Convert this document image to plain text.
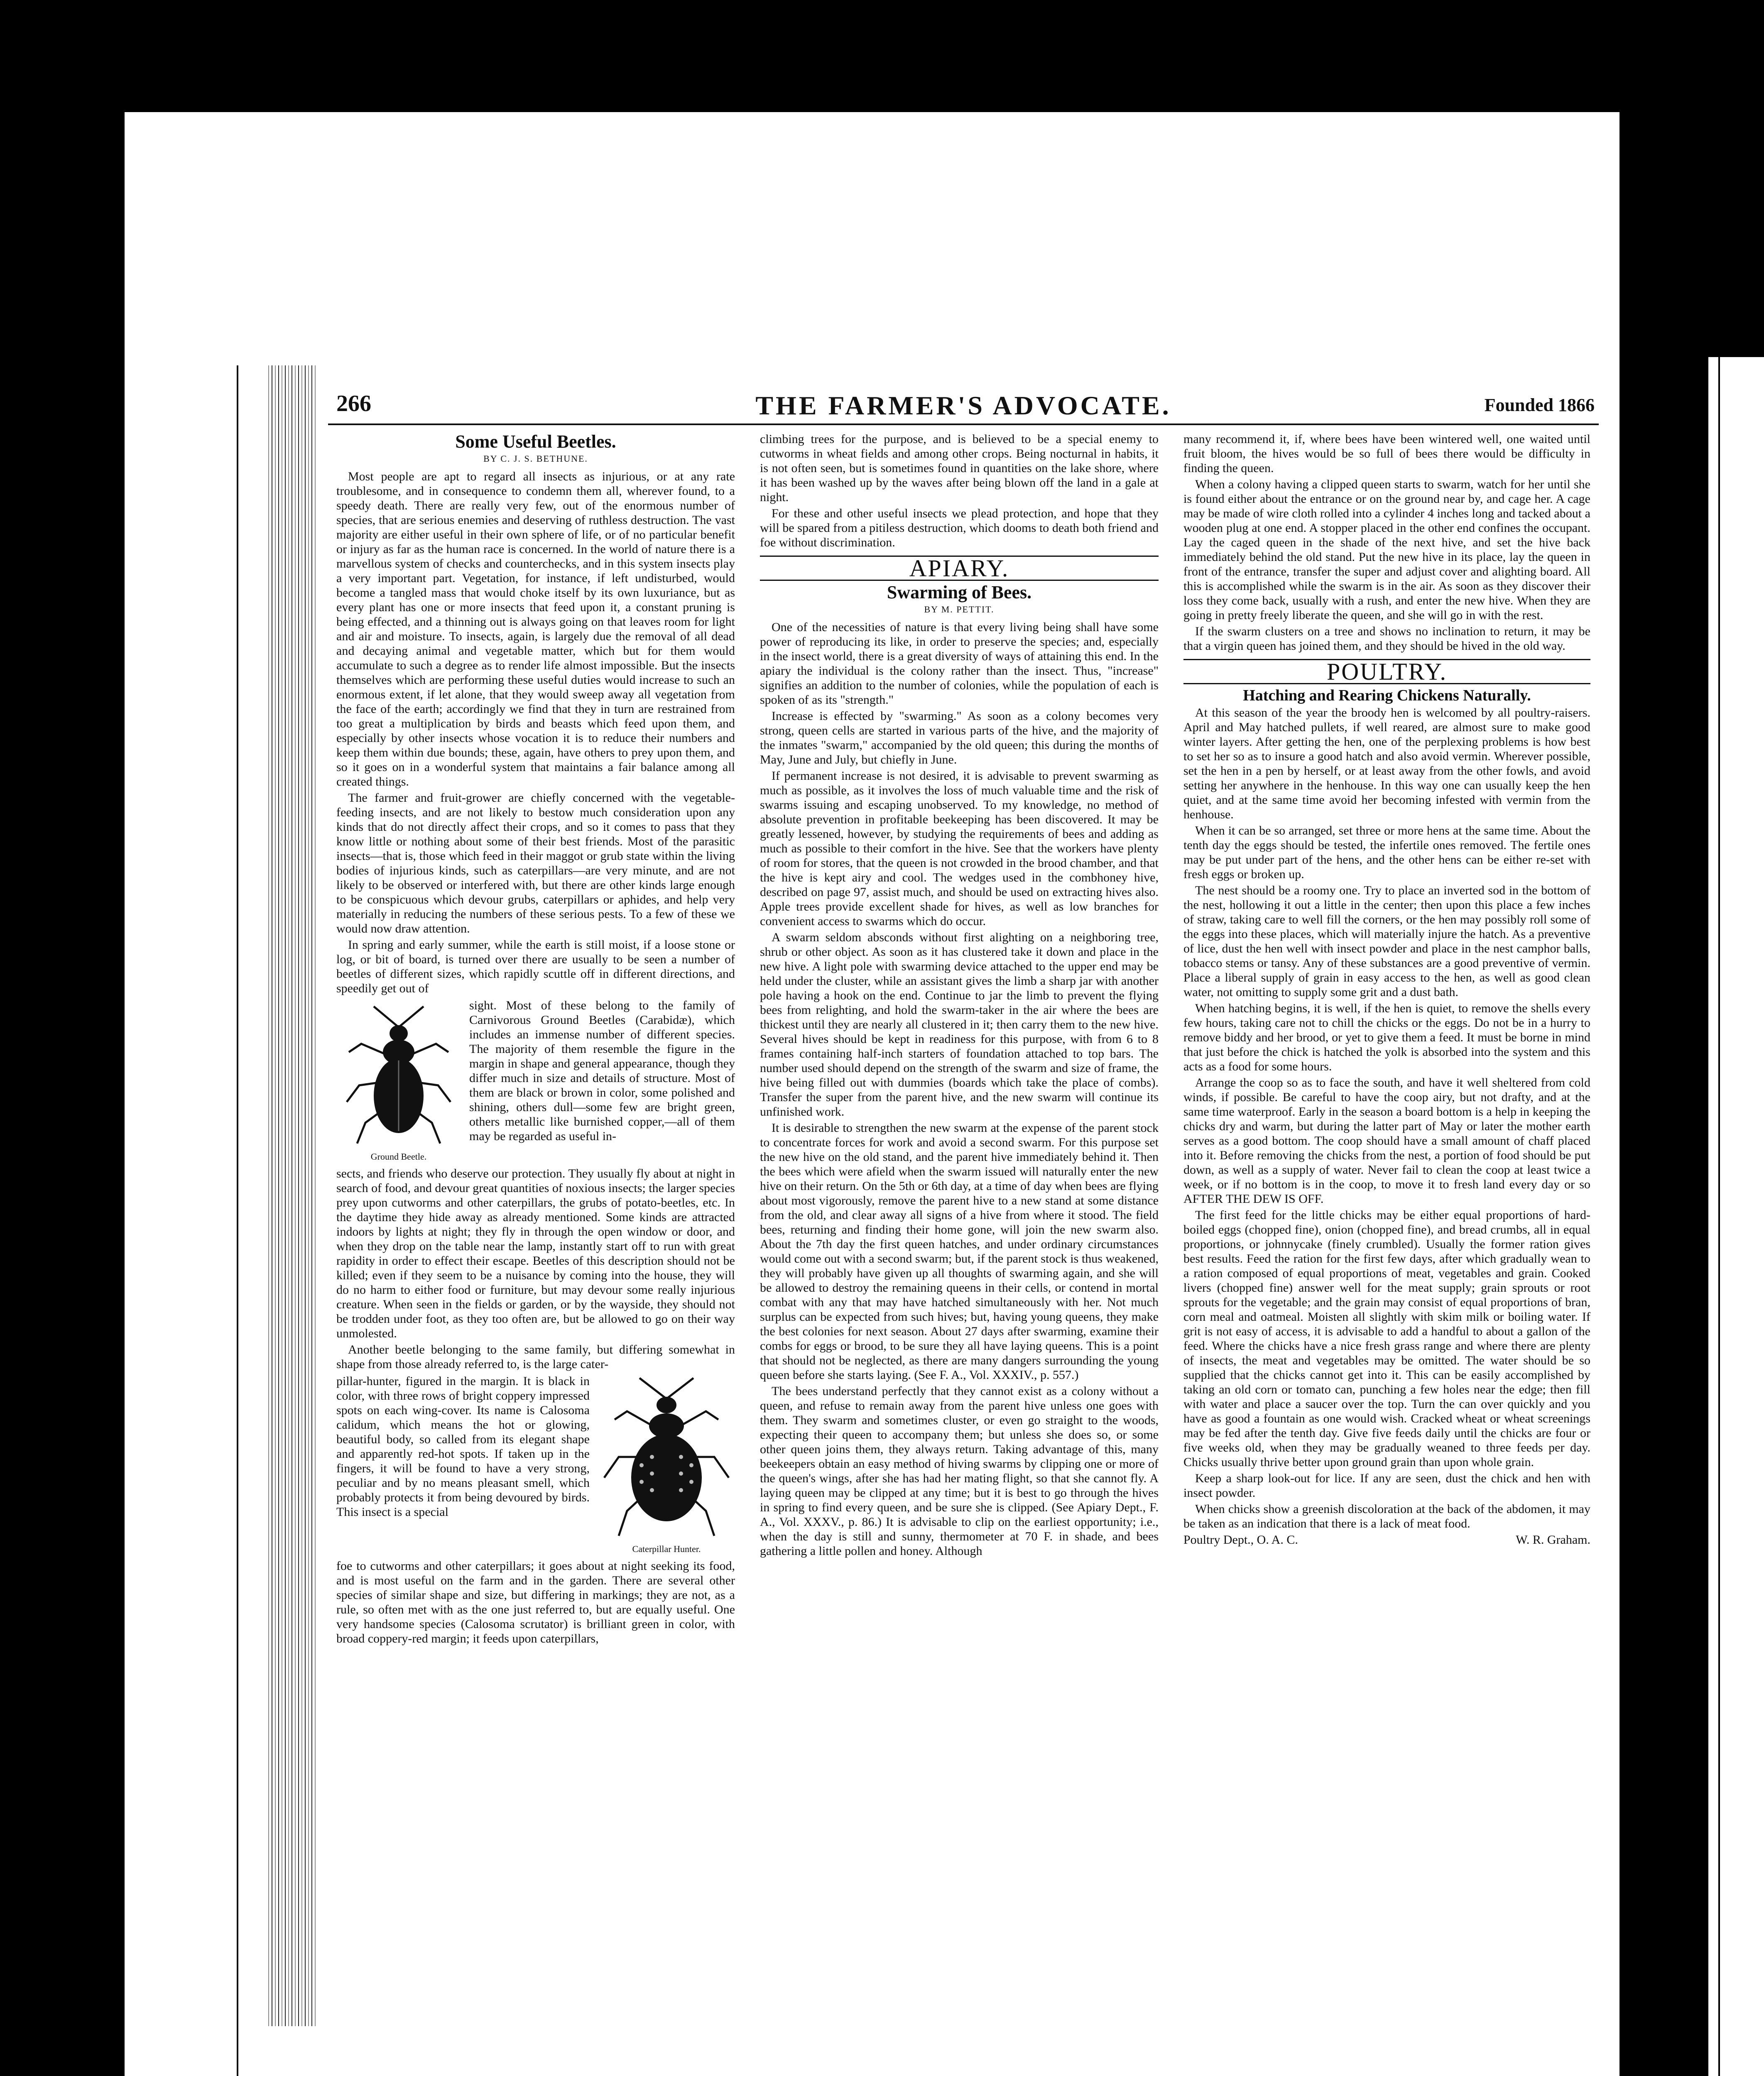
266	THE FARMER'S ADVOCATE.	Founded 1866
Some Useful Beetles.
BY C. J. S. BETHUNE.

Most people are apt to regard all insects as injurious, or at any rate troublesome, and in consequence to condemn them all, wherever found, to a speedy death. There are really very few, out of the enormous number of species, that are serious enemies and deserving of ruthless destruction. The vast majority are either useful in their own sphere of life, or of no particular benefit or injury as far as the human race is concerned. In the world of nature there is a marvellous system of checks and counterchecks, and in this system insects play a very important part. Vegetation, for instance, if left undisturbed, would become a tangled mass that would choke itself by its own luxuriance, but as every plant has one or more insects that feed upon it, a constant pruning is being effected, and a thinning out is always going on that leaves room for light and air and moisture. To insects, again, is largely due the removal of all dead and decaying animal and vegetable matter, which but for them would accumulate to such a degree as to render life almost impossible. But the insects themselves which are performing these useful duties would increase to such an enormous extent, if let alone, that they would sweep away all vegetation from the face of the earth; accordingly we find that they in turn are restrained from too great a multiplication by birds and beasts which feed upon them, and especially by other insects whose vocation it is to reduce their numbers and keep them within due bounds; these, again, have others to prey upon them, and so it goes on in a wonderful system that maintains a fair balance among all created things.

The farmer and fruit-grower are chiefly concerned with the vegetable-feeding insects, and are not likely to bestow much consideration upon any kinds that do not directly affect their crops, and so it comes to pass that they know little or nothing about some of their best friends. Most of the parasitic insects—that is, those which feed in their maggot or grub state within the living bodies of injurious kinds, such as caterpillars—are very minute, and are not likely to be observed or interfered with, but there are other kinds large enough to be conspicuous which devour grubs, caterpillars or aphides, and help very materially in reducing the numbers of these serious pests. To a few of these we would now draw attention.

In spring and early summer, while the earth is still moist, if a loose stone or log, or bit of board, is turned over there are usually to be seen a number of beetles of different sizes, which rapidly scuttle off in different directions, and speedily get out of

Ground Beetle.
sight. Most of these belong to the family of Carnivorous Ground Beetles (Carabidæ), which includes an immense number of different species. The majority of them resemble the figure in the margin in shape and general appearance, though they differ much in size and details of structure. Most of them are black or brown in color, some polished and shining, others dull—some few are bright green, others metallic like burnished copper,—all of them may be regarded as useful in-

sects, and friends who deserve our protection. They usually fly about at night in search of food, and devour great quantities of noxious insects; the larger species prey upon cutworms and other caterpillars, the grubs of potato-beetles, etc. In the daytime they hide away as already mentioned. Some kinds are attracted indoors by lights at night; they fly in through the open window or door, and when they drop on the table near the lamp, instantly start off to run with great rapidity in order to effect their escape. Beetles of this description should not be killed; even if they seem to be a nuisance by coming into the house, they will do no harm to either food or furniture, but may devour some really injurious creature. When seen in the fields or garden, or by the wayside, they should not be trodden under foot, as they too often are, but be allowed to go on their way unmolested.

Another beetle belonging to the same family, but differing somewhat in shape from those already referred to, is the large cater-

pillar-hunter, figured in the margin. It is black in color, with three rows of bright coppery impressed spots on each wing-cover. Its name is Calosoma calidum, which means the hot or glowing, beautiful body, so called from its elegant shape and apparently red-hot spots. If taken up in the fingers, it will be found to have a very strong, peculiar and by no means pleasant smell, which probably protects it from being devoured by birds. This insect is a special
Caterpillar Hunter.

foe to cutworms and other caterpillars; it goes about at night seeking its food, and is most useful on the farm and in the garden. There are several other species of similar shape and size, but differing in markings; they are not, as a rule, so often met with as the one just referred to, but are equally useful. One very handsome species (Calosoma scrutator) is brilliant green in color, with broad coppery-red margin; it feeds upon caterpillars,

climbing trees for the purpose, and is believed to be a special enemy to cutworms in wheat fields and among other crops. Being nocturnal in habits, it is not often seen, but is sometimes found in quantities on the lake shore, where it has been washed up by the waves after being blown off the land in a gale at night.

For these and other useful insects we plead protection, and hope that they will be spared from a pitiless destruction, which dooms to death both friend and foe without discrimination.

APIARY.
Swarming of Bees.
BY M. PETTIT.

One of the necessities of nature is that every living being shall have some power of reproducing its like, in order to preserve the species; and, especially in the insect world, there is a great diversity of ways of attaining this end. In the apiary the individual is the colony rather than the insect. Thus, "increase" signifies an addition to the number of colonies, while the population of each is spoken of as its "strength."

Increase is effected by "swarming." As soon as a colony becomes very strong, queen cells are started in various parts of the hive, and the majority of the inmates "swarm," accompanied by the old queen; this during the months of May, June and July, but chiefly in June.

If permanent increase is not desired, it is advisable to prevent swarming as much as possible, as it involves the loss of much valuable time and the risk of swarms issuing and escaping unobserved. To my knowledge, no method of absolute prevention in profitable beekeeping has been discovered. It may be greatly lessened, however, by studying the requirements of bees and adding as much as possible to their comfort in the hive. See that the workers have plenty of room for stores, that the queen is not crowded in the brood chamber, and that the hive is kept airy and cool. The wedges used in the combhoney hive, described on page 97, assist much, and should be used on extracting hives also. Apple trees provide excellent shade for hives, as well as low branches for convenient access to swarms which do occur.

A swarm seldom absconds without first alighting on a neighboring tree, shrub or other object. As soon as it has clustered take it down and place in the new hive. A light pole with swarming device attached to the upper end may be held under the cluster, while an assistant gives the limb a sharp jar with another pole having a hook on the end. Continue to jar the limb to prevent the flying bees from relighting, and hold the swarm-taker in the air where the bees are thickest until they are nearly all clustered in it; then carry them to the new hive. Several hives should be kept in readiness for this purpose, with from 6 to 8 frames containing half-inch starters of foundation attached to top bars. The number used should depend on the strength of the swarm and size of frame, the hive being filled out with dummies (boards which take the place of combs). Transfer the super from the parent hive, and the new swarm will continue its unfinished work.

It is desirable to strengthen the new swarm at the expense of the parent stock to concentrate forces for work and avoid a second swarm. For this purpose set the new hive on the old stand, and the parent hive immediately behind it. Then the bees which were afield when the swarm issued will naturally enter the new hive on their return. On the 5th or 6th day, at a time of day when bees are flying about most vigorously, remove the parent hive to a new stand at some distance from the old, and clear away all signs of a hive from where it stood. The field bees, returning and finding their home gone, will join the new swarm also. About the 7th day the first queen hatches, and under ordinary circumstances would come out with a second swarm; but, if the parent stock is thus weakened, they will probably have given up all thoughts of swarming again, and she will be allowed to destroy the remaining queens in their cells, or contend in mortal combat with any that may have hatched simultaneously with her. Not much surplus can be expected from such hives; but, having young queens, they make the best colonies for next season. About 27 days after swarming, examine their combs for eggs or brood, to be sure they all have laying queens. This is a point that should not be neglected, as there are many dangers surrounding the young queen before she starts laying. (See F. A., Vol. XXXIV., p. 557.)

The bees understand perfectly that they cannot exist as a colony without a queen, and refuse to remain away from the parent hive unless one goes with them. They swarm and sometimes cluster, or even go straight to the woods, expecting their queen to accompany them; but unless she does so, or some other queen joins them, they always return. Taking advantage of this, many beekeepers obtain an easy method of hiving swarms by clipping one or more of the queen's wings, after she has had her mating flight, so that she cannot fly. A laying queen may be clipped at any time; but it is best to go through the hives in spring to find every queen, and be sure she is clipped. (See Apiary Dept., F. A., Vol. XXXV., p. 86.) It is advisable to clip on the earliest opportunity; i.e., when the day is still and sunny, thermometer at 70 F. in shade, and bees gathering a little pollen and honey. Although

many recommend it, if, where bees have been wintered well, one waited until fruit bloom, the hives would be so full of bees there would be difficulty in finding the queen.

When a colony having a clipped queen starts to swarm, watch for her until she is found either about the entrance or on the ground near by, and cage her. A cage may be made of wire cloth rolled into a cylinder 4 inches long and tacked about a wooden plug at one end. A stopper placed in the other end confines the occupant. Lay the caged queen in the shade of the next hive, and set the hive back immediately behind the old stand. Put the new hive in its place, lay the queen in front of the entrance, transfer the super and adjust cover and alighting board. All this is accomplished while the swarm is in the air. As soon as they discover their loss they come back, usually with a rush, and enter the new hive. When they are going in pretty freely liberate the queen, and she will go in with the rest.

If the swarm clusters on a tree and shows no inclination to return, it may be that a virgin queen has joined them, and they should be hived in the old way.

POULTRY.
Hatching and Rearing Chickens Naturally.

At this season of the year the broody hen is welcomed by all poultry-raisers. April and May hatched pullets, if well reared, are almost sure to make good winter layers. After getting the hen, one of the perplexing problems is how best to set her so as to insure a good hatch and also avoid vermin. Wherever possible, set the hen in a pen by herself, or at least away from the other fowls, and avoid setting her anywhere in the henhouse. In this way one can usually keep the hen quiet, and at the same time avoid her becoming infested with vermin from the henhouse.

When it can be so arranged, set three or more hens at the same time. About the tenth day the eggs should be tested, the infertile ones removed. The fertile ones may be put under part of the hens, and the other hens can be either re-set with fresh eggs or broken up.

The nest should be a roomy one. Try to place an inverted sod in the bottom of the nest, hollowing it out a little in the center; then upon this place a few inches of straw, taking care to well fill the corners, or the hen may possibly roll some of the eggs into these places, which will materially injure the hatch. As a preventive of lice, dust the hen well with insect powder and place in the nest camphor balls, tobacco stems or tansy. Any of these substances are a good preventive of vermin. Place a liberal supply of grain in easy access to the hen, as well as good clean water, not omitting to supply some grit and a dust bath.

When hatching begins, it is well, if the hen is quiet, to remove the shells every few hours, taking care not to chill the chicks or the eggs. Do not be in a hurry to remove biddy and her brood, or yet to give them a feed. It must be borne in mind that just before the chick is hatched the yolk is absorbed into the system and this acts as a food for some hours.

Arrange the coop so as to face the south, and have it well sheltered from cold winds, if possible. Be careful to have the coop airy, but not drafty, and at the same time waterproof. Early in the season a board bottom is a help in keeping the chicks dry and warm, but during the latter part of May or later the mother earth serves as a good bottom. The coop should have a small amount of chaff placed into it. Before removing the chicks from the nest, a portion of food should be put down, as well as a supply of water. Never fail to clean the coop at least twice a week, or if no bottom is in the coop, to move it to fresh land every day or so AFTER THE DEW IS OFF.

The first feed for the little chicks may be either equal proportions of hard-boiled eggs (chopped fine), onion (chopped fine), and bread crumbs, all in equal proportions, or johnnycake (finely crumbled). Usually the former ration gives best results. Feed the ration for the first few days, after which gradually wean to a ration composed of equal proportions of meat, vegetables and grain. Cooked livers (chopped fine) answer well for the meat supply; grain sprouts or root sprouts for the vegetable; and the grain may consist of equal proportions of bran, corn meal and oatmeal. Moisten all slightly with skim milk or boiling water. If grit is not easy of access, it is advisable to add a handful to about a gallon of the feed. Where the chicks have a nice fresh grass range and where there are plenty of insects, the meat and vegetables may be omitted. The water should be so supplied that the chicks cannot get into it. This can be easily accomplished by taking an old corn or tomato can, punching a few holes near the edge; then fill with water and place a saucer over the top. Turn the can over quickly and you have as good a fountain as one would wish. Cracked wheat or wheat screenings may be fed after the tenth day. Give five feeds daily until the chicks are four or five weeks old, when they may be gradually weaned to three feeds per day. Chicks usually thrive better upon ground grain than upon whole grain.

Keep a sharp look-out for lice. If any are seen, dust the chick and hen with insect powder.

When chicks show a greenish discoloration at the back of the abdomen, it may be taken as an indication that there is a lack of meat food.

Poultry Dept., O. A. C.	W. R. Graham.
